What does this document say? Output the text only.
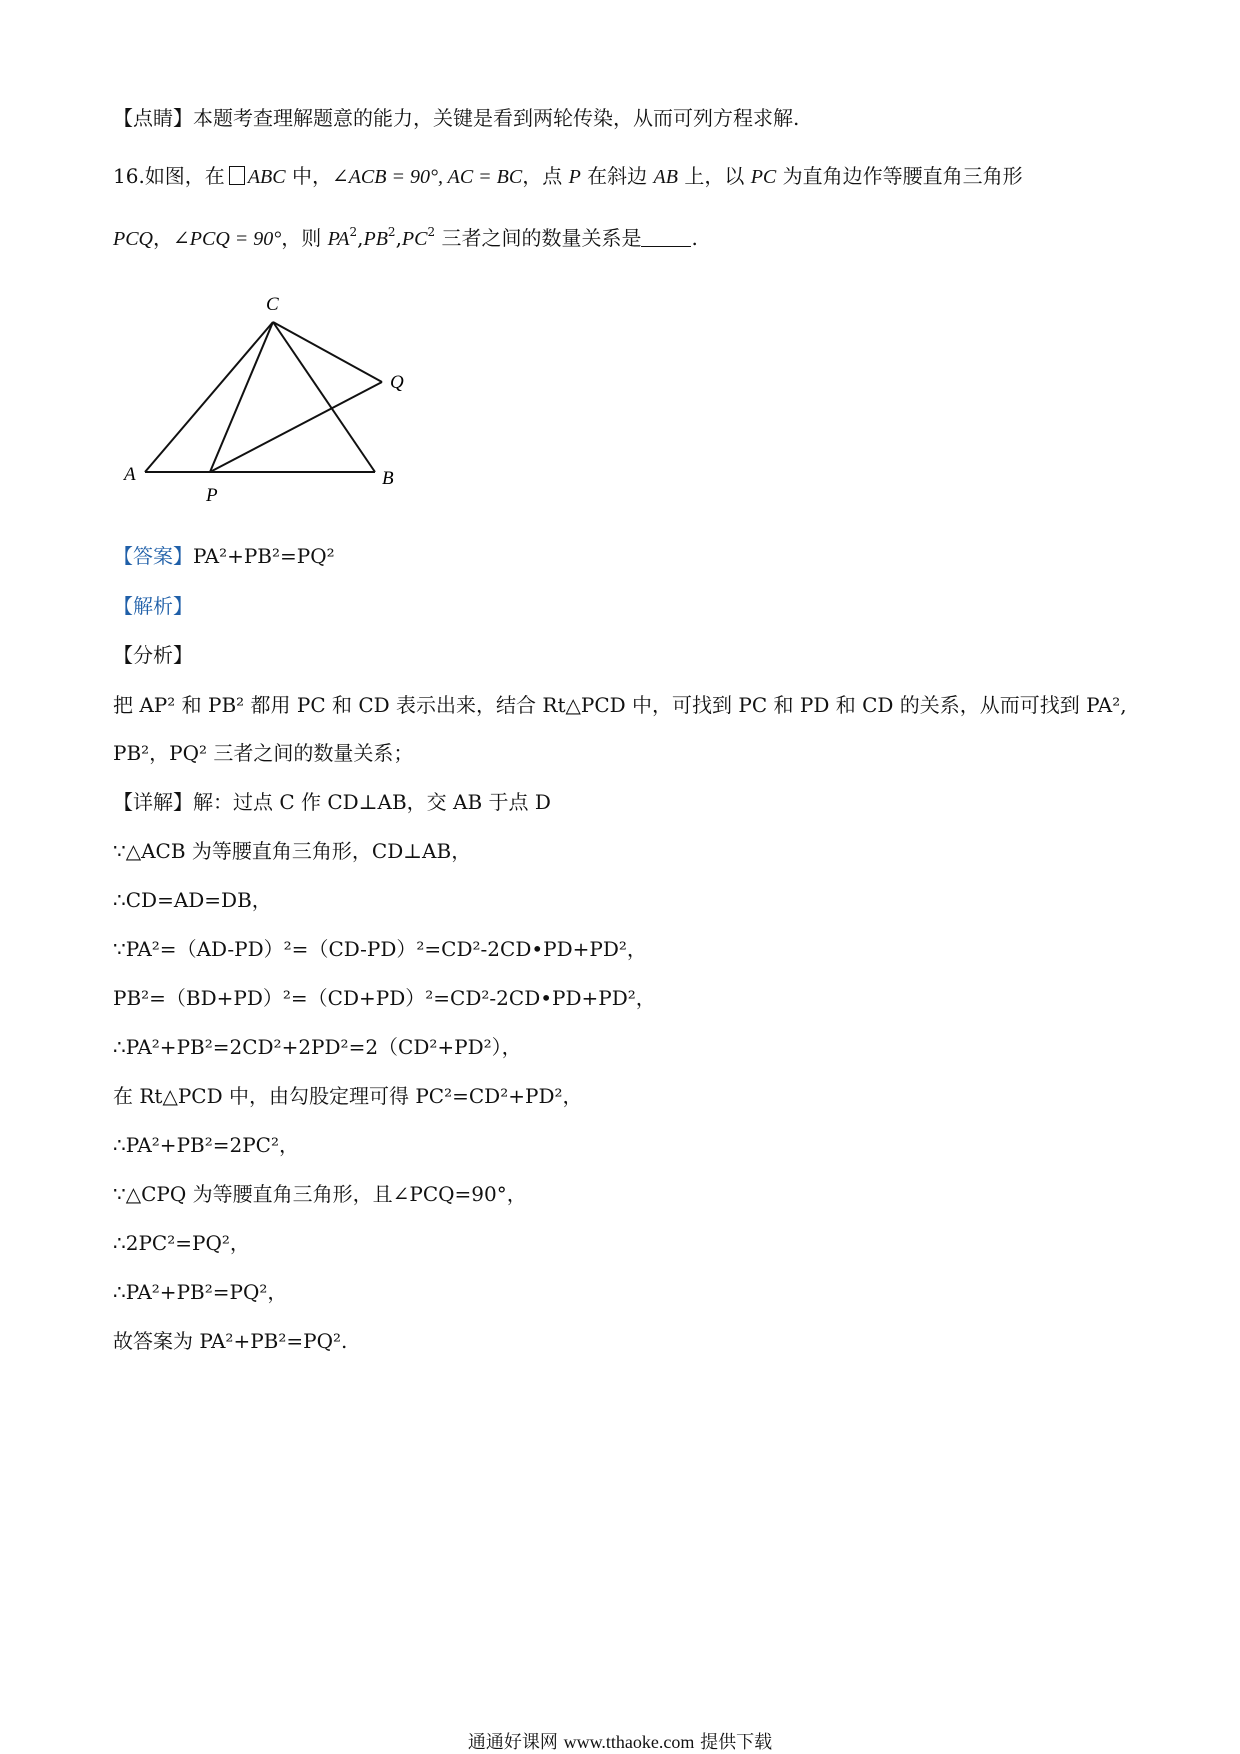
【点睛】本题考查理解题意的能力，关键是看到两轮传染，从而可列方程求解.
16.如图，在 ABC 中，∠ACB = 90°, AC = BC，点 P 在斜边 AB 上，以 PC 为直角边作等腰直角三角形
PCQ，∠PCQ = 90°，则 $PA^2,PB^2,PC^2$ 三者之间的数量关系是	.
C
Q
A
P
B
【答案】PA²+PB²=PQ²
【解析】
【分析】
把 AP² 和 PB² 都用 PC 和 CD 表示出来，结合 Rt△PCD 中，可找到 PC 和 PD 和 CD 的关系，从而可找到 PA²,
PB²，PQ² 三者之间的数量关系；
【详解】解：过点 C 作 CD⊥AB，交 AB 于点 D
∵△ACB 为等腰直角三角形，CD⊥AB，
∴CD=AD=DB，
∵PA²=（AD-PD）²=（CD-PD）²=CD²-2CD•PD+PD²，
PB²=（BD+PD）²=（CD+PD）²=CD²-2CD•PD+PD²，
∴PA²+PB²=2CD²+2PD²=2（CD²+PD²），
在 Rt△PCD 中，由勾股定理可得 PC²=CD²+PD²，
∴PA²+PB²=2PC²，
∵△CPQ 为等腰直角三角形，且∠PCQ=90°，
∴2PC²=PQ²，
∴PA²+PB²=PQ²，
故答案为 PA²+PB²=PQ².
通通好课网 www.tthaoke.com 提供下载
